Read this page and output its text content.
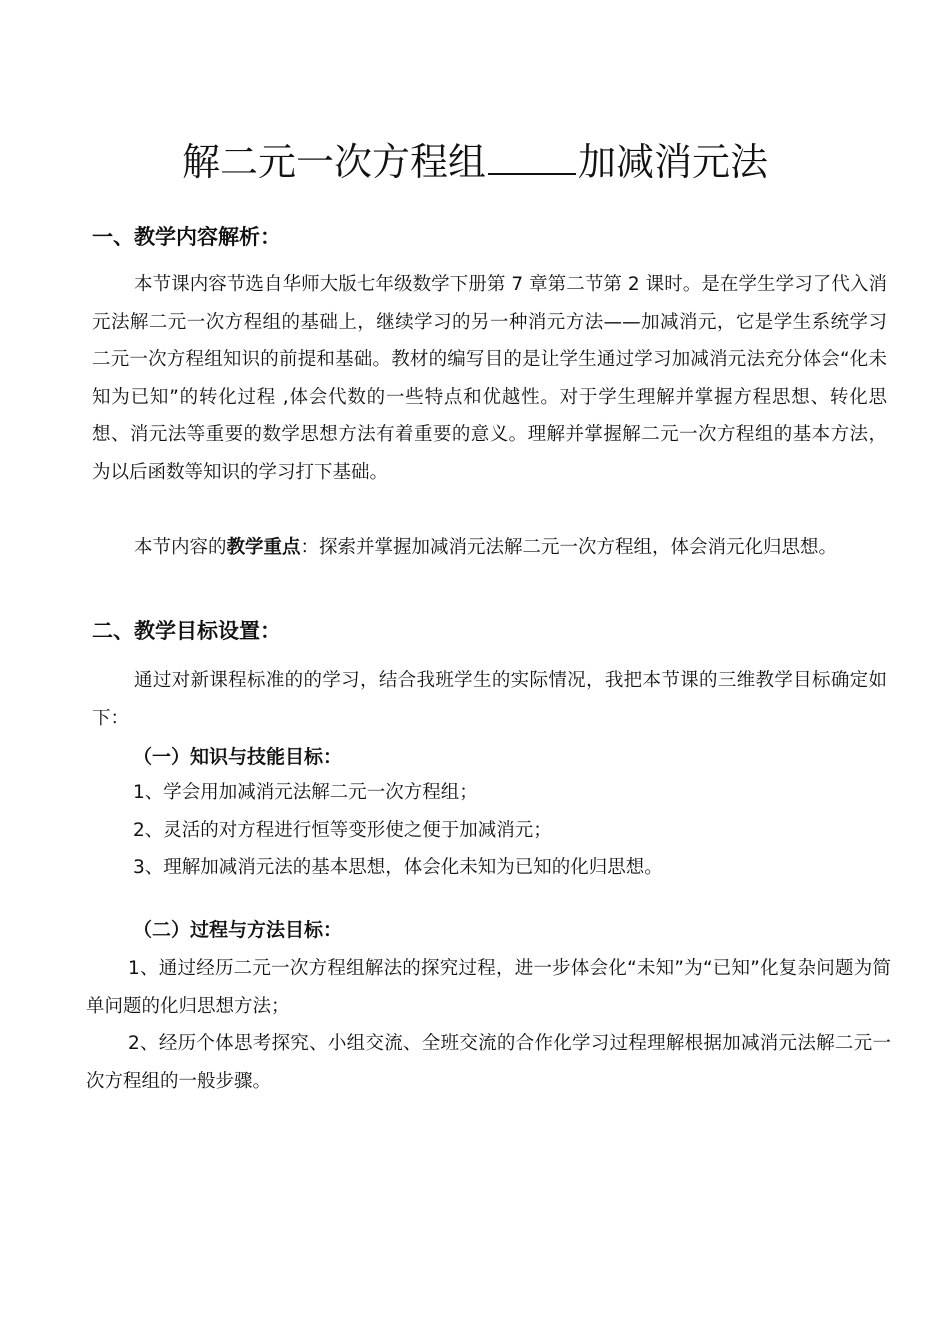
解二元一次方程组 加减消元法
一、教学内容解析：

本节课内容节选自华师大版七年级数学下册第 7 章第二节第 2 课时。是在学生学习了代入消元法解二元一次方程组的基础上，继续学习的另一种消元方法——加减消元，它是学生系统学习二元一次方程组知识的前提和基础。教材的编写目的是让学生通过学习加减消元法充分体会“化未知为已知”的转化过程 ,体会代数的一些特点和优越性。对于学生理解并掌握方程思想、转化思想、消元法等重要的数学思想方法有着重要的意义。理解并掌握解二元一次方程组的基本方法，为以后函数等知识的学习打下基础。

本节内容的教学重点：探索并掌握加减消元法解二元一次方程组，体会消元化归思想。

二、教学目标设置：

通过对新课程标准的的学习，结合我班学生的实际情况，我把本节课的三维教学目标确定如下：

（一）知识与技能目标：
1、学会用加减消元法解二元一次方程组；
2、灵活的对方程进行恒等变形使之便于加减消元；
3、理解加减消元法的基本思想，体会化未知为已知的化归思想。
（二）过程与方法目标：

1、通过经历二元一次方程组解法的探究过程，进一步体会化“未知”为“已知”化复杂问题为简单问题的化归思想方法；

2、经历个体思考探究、小组交流、全班交流的合作化学习过程理解根据加减消元法解二元一次方程组的一般步骤。
